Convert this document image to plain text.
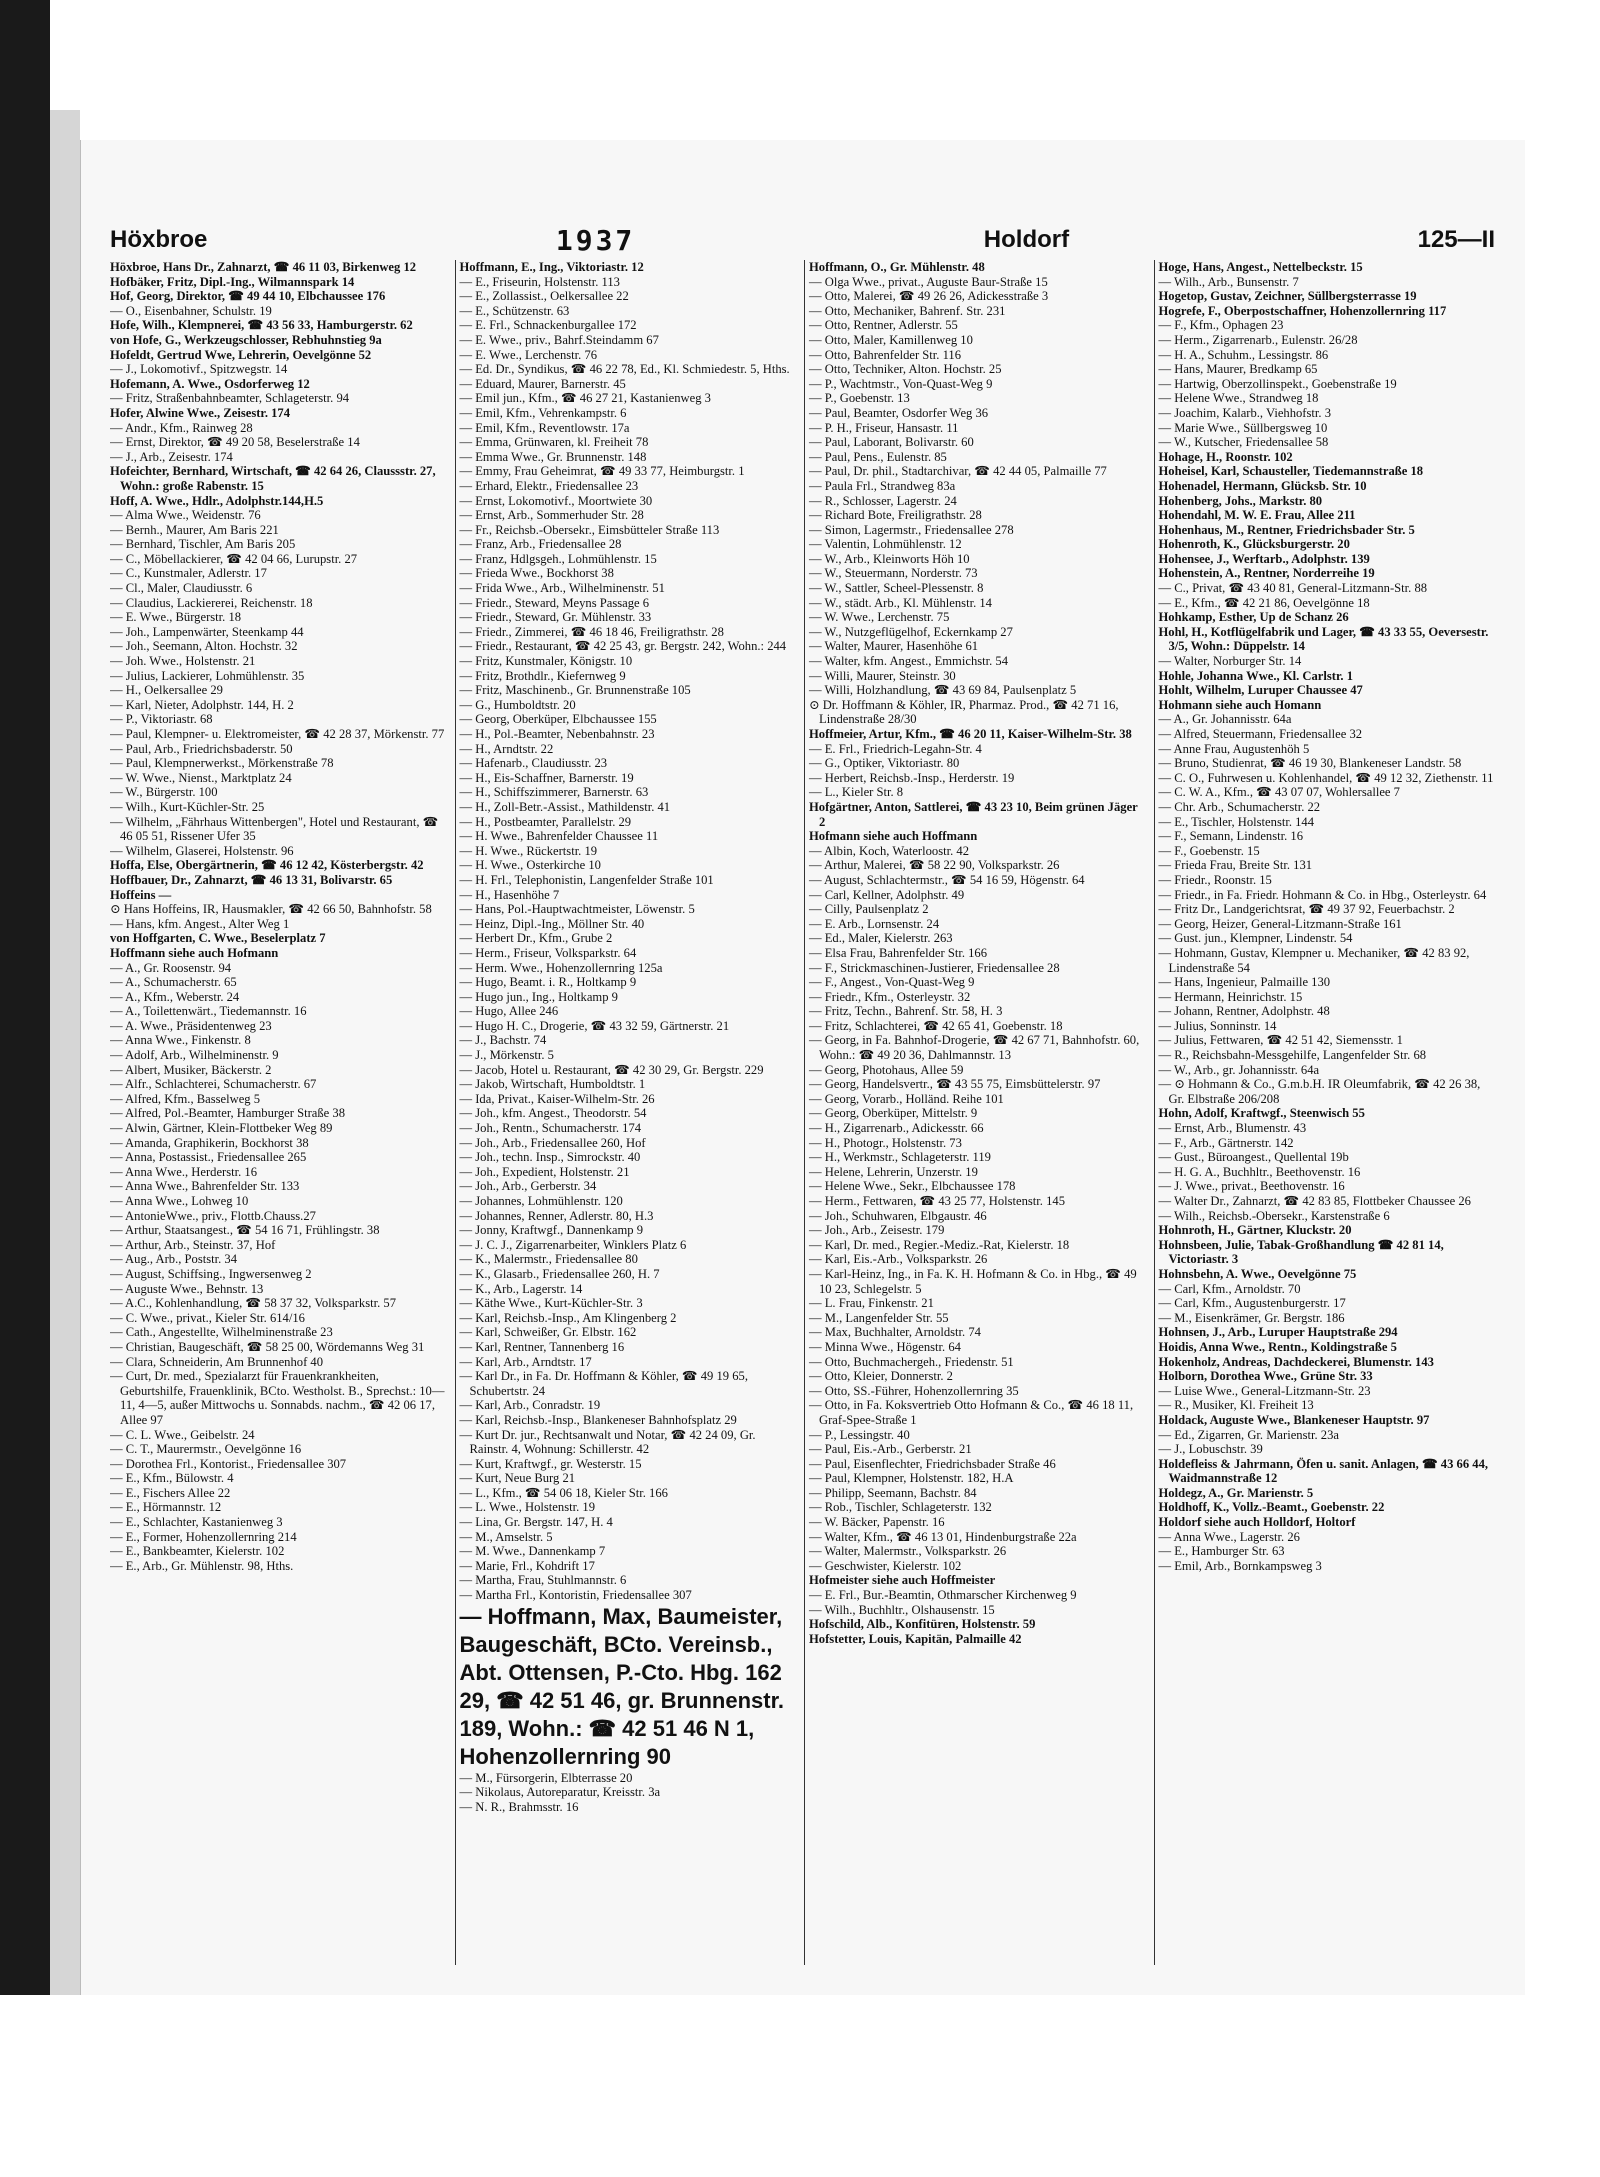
Höxbroe	1937	Holdorf	125—II

Höxbroe, Hans Dr., Zahnarzt, ☎ 46 11 03, Birkenweg 12

Hofbäker, Fritz, Dipl.-Ing., Wilmannspark 14

Hof, Georg, Direktor, ☎ 49 44 10, Elbchaussee 176

— O., Eisenbahner, Schulstr. 19

Hofe, Wilh., Klempnerei, ☎ 43 56 33, Hamburgerstr. 62

von Hofe, G., Werkzeugschlosser, Rebhuhnstieg 9a

Hofeldt, Gertrud Wwe, Lehrerin, Oevelgönne 52

— J., Lokomotivf., Spitzwegstr. 14

Hofemann, A. Wwe., Osdorferweg 12

— Fritz, Straßenbahnbeamter, Schlageterstr. 94

Hofer, Alwine Wwe., Zeisestr. 174

— Andr., Kfm., Rainweg 28

— Ernst, Direktor, ☎ 49 20 58, Beselerstraße 14

— J., Arb., Zeisestr. 174

Hofeichter, Bernhard, Wirtschaft, ☎ 42 64 26, Claussstr. 27, Wohn.: große Rabenstr. 15

Hoff, A. Wwe., Hdlr., Adolphstr.144,H.5

— Alma Wwe., Weidenstr. 76

— Bernh., Maurer, Am Baris 221

— Bernhard, Tischler, Am Baris 205

— C., Möbellackierer, ☎ 42 04 66, Lurupstr. 27

— C., Kunstmaler, Adlerstr. 17

— Cl., Maler, Claudiusstr. 6

— Claudius, Lackiererei, Reichenstr. 18

— E. Wwe., Bürgerstr. 18

— Joh., Lampenwärter, Steenkamp 44

— Joh., Seemann, Alton. Hochstr. 32

— Joh. Wwe., Holstenstr. 21

— Julius, Lackierer, Lohmühlenstr. 35

— H., Oelkersallee 29

— Karl, Nieter, Adolphstr. 144, H. 2

— P., Viktoriastr. 68

— Paul, Klempner- u. Elektromeister, ☎ 42 28 37, Mörkenstr. 77

— Paul, Arb., Friedrichsbaderstr. 50

— Paul, Klempnerwerkst., Mörkenstraße 78

— W. Wwe., Nienst., Marktplatz 24

— W., Bürgerstr. 100

— Wilh., Kurt-Küchler-Str. 25

— Wilhelm, „Fährhaus Wittenbergen", Hotel und Restaurant, ☎ 46 05 51, Rissener Ufer 35

— Wilhelm, Glaserei, Holstenstr. 96

Hoffa, Else, Obergärtnerin, ☎ 46 12 42, Kösterbergstr. 42

Hoffbauer, Dr., Zahnarzt, ☎ 46 13 31, Bolivarstr. 65

Hoffeins —

⊙ Hans Hoffeins, IR, Hausmakler, ☎ 42 66 50, Bahnhofstr. 58

— Hans, kfm. Angest., Alter Weg 1

von Hoffgarten, C. Wwe., Beselerplatz 7

Hoffmann siehe auch Hofmann

— A., Gr. Roosenstr. 94

— A., Schumacherstr. 65

— A., Kfm., Weberstr. 24

— A., Toilettenwärt., Tiedemannstr. 16

— A. Wwe., Präsidentenweg 23

— Anna Wwe., Finkenstr. 8

— Adolf, Arb., Wilhelminenstr. 9

— Albert, Musiker, Bäckerstr. 2

— Alfr., Schlachterei, Schumacherstr. 67

— Alfred, Kfm., Basselweg 5

— Alfred, Pol.-Beamter, Hamburger Straße 38

— Alwin, Gärtner, Klein-Flottbeker Weg 89

— Amanda, Graphikerin, Bockhorst 38

— Anna, Postassist., Friedensallee 265

— Anna Wwe., Herderstr. 16

— Anna Wwe., Bahrenfelder Str. 133

— Anna Wwe., Lohweg 10

— AntonieWwe., priv., Flottb.Chauss.27

— Arthur, Staatsangest., ☎ 54 16 71, Frühlingstr. 38

— Arthur, Arb., Steinstr. 37, Hof

— Aug., Arb., Poststr. 34

— August, Schiffsing., Ingwersenweg 2

— Auguste Wwe., Behnstr. 13

— A.C., Kohlenhandlung, ☎ 58 37 32, Volksparkstr. 57

— C. Wwe., privat., Kieler Str. 614/16

— Cath., Angestellte, Wilhelminenstraße 23

— Christian, Baugeschäft, ☎ 58 25 00, Wördemanns Weg 31

— Clara, Schneiderin, Am Brunnenhof 40

— Curt, Dr. med., Spezialarzt für Frauenkrankheiten, Geburtshilfe, Frauenklinik, BCto. Westholst. B., Sprechst.: 10—11, 4—5, außer Mittwochs u. Sonnabds. nachm., ☎ 42 06 17, Allee 97

— C. L. Wwe., Geibelstr. 24

— C. T., Maurermstr., Oevelgönne 16

— Dorothea Frl., Kontorist., Friedensallee 307

— E., Kfm., Bülowstr. 4

— E., Fischers Allee 22

— E., Hörmannstr. 12

— E., Schlachter, Kastanienweg 3

— E., Former, Hohenzollernring 214

— E., Bankbeamter, Kielerstr. 102

— E., Arb., Gr. Mühlenstr. 98, Hths.

Hoffmann, E., Ing., Viktoriastr. 12

— E., Friseurin, Holstenstr. 113

— E., Zollassist., Oelkersallee 22

— E., Schützenstr. 63

— E. Frl., Schnackenburgallee 172

— E. Wwe., priv., Bahrf.Steindamm 67

— E. Wwe., Lerchenstr. 76

— Ed. Dr., Syndikus, ☎ 46 22 78, Ed., Kl. Schmiedestr. 5, Hths.

— Eduard, Maurer, Barnerstr. 45

— Emil jun., Kfm., ☎ 46 27 21, Kastanienweg 3

— Emil, Kfm., Vehrenkampstr. 6

— Emil, Kfm., Reventlowstr. 17a

— Emma, Grünwaren, kl. Freiheit 78

— Emma Wwe., Gr. Brunnenstr. 148

— Emmy, Frau Geheimrat, ☎ 49 33 77, Heimburgstr. 1

— Erhard, Elektr., Friedensallee 23

— Ernst, Lokomotivf., Moortwiete 30

— Ernst, Arb., Sommerhuder Str. 28

— Fr., Reichsb.-Obersekr., Eimsbütteler Straße 113

— Franz, Arb., Friedensallee 28

— Franz, Hdlgsgeh., Lohmühlenstr. 15

— Frieda Wwe., Bockhorst 38

— Frida Wwe., Arb., Wilhelminenstr. 51

— Friedr., Steward, Meyns Passage 6

— Friedr., Steward, Gr. Mühlenstr. 33

— Friedr., Zimmerei, ☎ 46 18 46, Freiligrathstr. 28

— Friedr., Restaurant, ☎ 42 25 43, gr. Bergstr. 242, Wohn.: 244

— Fritz, Kunstmaler, Königstr. 10

— Fritz, Brothdlr., Kiefernweg 9

— Fritz, Maschinenb., Gr. Brunnenstraße 105

— G., Humboldtstr. 20

— Georg, Oberküper, Elbchaussee 155

— H., Pol.-Beamter, Nebenbahnstr. 23

— H., Arndtstr. 22

— Hafenarb., Claudiusstr. 23

— H., Eis-Schaffner, Barnerstr. 19

— H., Schiffszimmerer, Barnerstr. 63

— H., Zoll-Betr.-Assist., Mathildenstr. 41

— H., Postbeamter, Parallelstr. 29

— H. Wwe., Bahrenfelder Chaussee 11

— H. Wwe., Rückertstr. 19

— H. Wwe., Osterkirche 10

— H. Frl., Telephonistin, Langenfelder Straße 101

— H., Hasenhöhe 7

— Hans, Pol.-Hauptwachtmeister, Löwenstr. 5

— Heinz, Dipl.-Ing., Möllner Str. 40

— Herbert Dr., Kfm., Grube 2

— Herm., Friseur, Volksparkstr. 64

— Herm. Wwe., Hohenzollernring 125a

— Hugo, Beamt. i. R., Holtkamp 9

— Hugo jun., Ing., Holtkamp 9

— Hugo, Allee 246

— Hugo H. C., Drogerie, ☎ 43 32 59, Gärtnerstr. 21

— J., Bachstr. 74

— J., Mörkenstr. 5

— Jacob, Hotel u. Restaurant, ☎ 42 30 29, Gr. Bergstr. 229

— Jakob, Wirtschaft, Humboldtstr. 1

— Ida, Privat., Kaiser-Wilhelm-Str. 26

— Joh., kfm. Angest., Theodorstr. 54

— Joh., Rentn., Schumacherstr. 174

— Joh., Arb., Friedensallee 260, Hof

— Joh., techn. Insp., Simrockstr. 40

— Joh., Expedient, Holstenstr. 21

— Joh., Arb., Gerberstr. 34

— Johannes, Lohmühlenstr. 120

— Johannes, Renner, Adlerstr. 80, H.3

— Jonny, Kraftwgf., Dannenkamp 9

— J. C. J., Zigarrenarbeiter, Winklers Platz 6

— K., Malermstr., Friedensallee 80

— K., Glasarb., Friedensallee 260, H. 7

— K., Arb., Lagerstr. 14

— Käthe Wwe., Kurt-Küchler-Str. 3

— Karl, Reichsb.-Insp., Am Klingenberg 2

— Karl, Schweißer, Gr. Elbstr. 162

— Karl, Rentner, Tannenberg 16

— Karl, Arb., Arndtstr. 17

— Karl Dr., in Fa. Dr. Hoffmann & Köhler, ☎ 49 19 65, Schubertstr. 24

— Karl, Arb., Conradstr. 19

— Karl, Reichsb.-Insp., Blankeneser Bahnhofsplatz 29

— Kurt Dr. jur., Rechtsanwalt und Notar, ☎ 42 24 09, Gr. Rainstr. 4, Wohnung: Schillerstr. 42

— Kurt, Kraftwgf., gr. Westerstr. 15

— Kurt, Neue Burg 21

— L., Kfm., ☎ 54 06 18, Kieler Str. 166

— L. Wwe., Holstenstr. 19

— Lina, Gr. Bergstr. 147, H. 4

— M., Amselstr. 5

— M. Wwe., Dannenkamp 7

— Marie, Frl., Kohdrift 17

— Martha, Frau, Stuhlmannstr. 6

— Martha Frl., Kontoristin, Friedensallee 307

— Hoffmann, Max, Baumeister, Baugeschäft, BCto. Vereinsb., Abt. Ottensen, P.-Cto. Hbg. 162 29, ☎ 42 51 46, gr. Brunnenstr. 189, Wohn.: ☎ 42 51 46 N 1, Hohenzollernring 90

— M., Fürsorgerin, Elbterrasse 20

— Nikolaus, Autoreparatur, Kreisstr. 3a

— N. R., Brahmsstr. 16

Hoffmann, O., Gr. Mühlenstr. 48

— Olga Wwe., privat., Auguste Baur-Straße 15

— Otto, Malerei, ☎ 49 26 26, Adickesstraße 3

— Otto, Mechaniker, Bahrenf. Str. 231

— Otto, Rentner, Adlerstr. 55

— Otto, Maler, Kamillenweg 10

— Otto, Bahrenfelder Str. 116

— Otto, Techniker, Alton. Hochstr. 25

— P., Wachtmstr., Von-Quast-Weg 9

— P., Goebenstr. 13

— Paul, Beamter, Osdorfer Weg 36

— P. H., Friseur, Hansastr. 11

— Paul, Laborant, Bolivarstr. 60

— Paul, Pens., Eulenstr. 85

— Paul, Dr. phil., Stadtarchivar, ☎ 42 44 05, Palmaille 77

— Paula Frl., Strandweg 83a

— R., Schlosser, Lagerstr. 24

— Richard Bote, Freiligrathstr. 28

— Simon, Lagermstr., Friedensallee 278

— Valentin, Lohmühlenstr. 12

— W., Arb., Kleinworts Höh 10

— W., Steuermann, Norderstr. 73

— W., Sattler, Scheel-Plessenstr. 8

— W., städt. Arb., Kl. Mühlenstr. 14

— W. Wwe., Lerchenstr. 75

— W., Nutzgeflügelhof, Eckernkamp 27

— Walter, Maurer, Hasenhöhe 61

— Walter, kfm. Angest., Emmichstr. 54

— Willi, Maurer, Steinstr. 30

— Willi, Holzhandlung, ☎ 43 69 84, Paulsenplatz 5

⊙ Dr. Hoffmann & Köhler, IR, Pharmaz. Prod., ☎ 42 71 16, Lindenstraße 28/30

Hoffmeier, Artur, Kfm., ☎ 46 20 11, Kaiser-Wilhelm-Str. 38

— E. Frl., Friedrich-Legahn-Str. 4

— G., Optiker, Viktoriastr. 80

— Herbert, Reichsb.-Insp., Herderstr. 19

— L., Kieler Str. 8

Hofgärtner, Anton, Sattlerei, ☎ 43 23 10, Beim grünen Jäger 2

Hofmann siehe auch Hoffmann

— Albin, Koch, Waterloostr. 42

— Arthur, Malerei, ☎ 58 22 90, Volksparkstr. 26

— August, Schlachtermstr., ☎ 54 16 59, Högenstr. 64

— Carl, Kellner, Adolphstr. 49

— Cilly, Paulsenplatz 2

— E. Arb., Lornsenstr. 24

— Ed., Maler, Kielerstr. 263

— Elsa Frau, Bahrenfelder Str. 166

— F., Strickmaschinen-Justierer, Friedensallee 28

— F., Angest., Von-Quast-Weg 9

— Friedr., Kfm., Osterleystr. 32

— Fritz, Techn., Bahrenf. Str. 58, H. 3

— Fritz, Schlachterei, ☎ 42 65 41, Goebenstr. 18

— Georg, in Fa. Bahnhof-Drogerie, ☎ 42 67 71, Bahnhofstr. 60, Wohn.: ☎ 49 20 36, Dahlmannstr. 13

— Georg, Photohaus, Allee 59

— Georg, Handelsvertr., ☎ 43 55 75, Eimsbüttelerstr. 97

— Georg, Vorarb., Holländ. Reihe 101

— Georg, Oberküper, Mittelstr. 9

— H., Zigarrenarb., Adickesstr. 66

— H., Photogr., Holstenstr. 73

— H., Werkmstr., Schlageterstr. 119

— Helene, Lehrerin, Unzerstr. 19

— Helene Wwe., Sekr., Elbchaussee 178

— Herm., Fettwaren, ☎ 43 25 77, Holstenstr. 145

— Joh., Schuhwaren, Elbgaustr. 46

— Joh., Arb., Zeisestr. 179

— Karl, Dr. med., Regier.-Mediz.-Rat, Kielerstr. 18

— Karl, Eis.-Arb., Volksparkstr. 26

— Karl-Heinz, Ing., in Fa. K. H. Hofmann & Co. in Hbg., ☎ 49 10 23, Schlegelstr. 5

— L. Frau, Finkenstr. 21

— M., Langenfelder Str. 55

— Max, Buchhalter, Arnoldstr. 74

— Minna Wwe., Högenstr. 64

— Otto, Buchmachergeh., Friedenstr. 51

— Otto, Kleier, Donnerstr. 2

— Otto, SS.-Führer, Hohenzollernring 35

— Otto, in Fa. Koksvertrieb Otto Hofmann & Co., ☎ 46 18 11, Graf-Spee-Straße 1

— P., Lessingstr. 40

— Paul, Eis.-Arb., Gerberstr. 21

— Paul, Eisenflechter, Friedrichsbader Straße 46

— Paul, Klempner, Holstenstr. 182, H.A

— Philipp, Seemann, Bachstr. 84

— Rob., Tischler, Schlageterstr. 132

— W. Bäcker, Papenstr. 16

— Walter, Kfm., ☎ 46 13 01, Hindenburgstraße 22a

— Walter, Malermstr., Volksparkstr. 26

— Geschwister, Kielerstr. 102

Hofmeister siehe auch Hoffmeister

— E. Frl., Bur.-Beamtin, Othmarscher Kirchenweg 9

— Wilh., Buchhltr., Olshausenstr. 15

Hofschild, Alb., Konfitüren, Holstenstr. 59

Hofstetter, Louis, Kapitän, Palmaille 42

Hoge, Hans, Angest., Nettelbeckstr. 15

— Wilh., Arb., Bunsenstr. 7

Hogetop, Gustav, Zeichner, Süllbergsterrasse 19

Hogrefe, F., Oberpostschaffner, Hohenzollernring 117

— F., Kfm., Ophagen 23

— Herm., Zigarrenarb., Eulenstr. 26/28

— H. A., Schuhm., Lessingstr. 86

— Hans, Maurer, Bredkamp 65

— Hartwig, Oberzollinspekt., Goebenstraße 19

— Helene Wwe., Strandweg 18

— Joachim, Kalarb., Viehhofstr. 3

— Marie Wwe., Süllbergsweg 10

— W., Kutscher, Friedensallee 58

Hohage, H., Roonstr. 102

Hoheisel, Karl, Schausteller, Tiedemannstraße 18

Hohenadel, Hermann, Glücksb. Str. 10

Hohenberg, Johs., Markstr. 80

Hohendahl, M. W. E. Frau, Allee 211

Hohenhaus, M., Rentner, Friedrichsbader Str. 5

Hohenroth, K., Glücksburgerstr. 20

Hohensee, J., Werftarb., Adolphstr. 139

Hohenstein, A., Rentner, Norderreihe 19

— C., Privat, ☎ 43 40 81, General-Litzmann-Str. 88

— E., Kfm., ☎ 42 21 86, Oevelgönne 18

Hohkamp, Esther, Up de Schanz 26

Hohl, H., Kotflügelfabrik und Lager, ☎ 43 33 55, Oeversestr. 3/5, Wohn.: Düppelstr. 14

— Walter, Norburger Str. 14

Hohle, Johanna Wwe., Kl. Carlstr. 1

Hohlt, Wilhelm, Luruper Chaussee 47

Hohmann siehe auch Homann

— A., Gr. Johannisstr. 64a

— Alfred, Steuermann, Friedensallee 32

— Anne Frau, Augustenhöh 5

— Bruno, Studienrat, ☎ 46 19 30, Blankeneser Landstr. 58

— C. O., Fuhrwesen u. Kohlenhandel, ☎ 49 12 32, Ziethenstr. 11

— C. W. A., Kfm., ☎ 43 07 07, Wohlersallee 7

— Chr. Arb., Schumacherstr. 22

— E., Tischler, Holstenstr. 144

— F., Semann, Lindenstr. 16

— F., Goebenstr. 15

— Frieda Frau, Breite Str. 131

— Friedr., Roonstr. 15

— Friedr., in Fa. Friedr. Hohmann & Co. in Hbg., Osterleystr. 64

— Fritz Dr., Landgerichtsrat, ☎ 49 37 92, Feuerbachstr. 2

— Georg, Heizer, General-Litzmann-Straße 161

— Gust. jun., Klempner, Lindenstr. 54

— Hohmann, Gustav, Klempner u. Mechaniker, ☎ 42 83 92, Lindenstraße 54

— Hans, Ingenieur, Palmaille 130

— Hermann, Heinrichstr. 15

— Johann, Rentner, Adolphstr. 48

— Julius, Sonninstr. 14

— Julius, Fettwaren, ☎ 42 51 42, Siemensstr. 1

— R., Reichsbahn-Messgehilfe, Langenfelder Str. 68

— W., Arb., gr. Johannisstr. 64a

— ⊙ Hohmann & Co., G.m.b.H. IR Oleumfabrik, ☎ 42 26 38, Gr. Elbstraße 206/208

Hohn, Adolf, Kraftwgf., Steenwisch 55

— Ernst, Arb., Blumenstr. 43

— F., Arb., Gärtnerstr. 142

— Gust., Büroangest., Quellental 19b

— H. G. A., Buchhltr., Beethovenstr. 16

— J. Wwe., privat., Beethovenstr. 16

— Walter Dr., Zahnarzt, ☎ 42 83 85, Flottbeker Chaussee 26

— Wilh., Reichsb.-Obersekr., Karstenstraße 6

Hohnroth, H., Gärtner, Kluckstr. 20

Hohnsbeen, Julie, Tabak-Großhandlung ☎ 42 81 14, Victoriastr. 3

Hohnsbehn, A. Wwe., Oevelgönne 75

— Carl, Kfm., Arnoldstr. 70

— Carl, Kfm., Augustenburgerstr. 17

— M., Eisenkrämer, Gr. Bergstr. 186

Hohnsen, J., Arb., Luruper Hauptstraße 294

Hoidis, Anna Wwe., Rentn., Koldingstraße 5

Hokenholz, Andreas, Dachdeckerei, Blumenstr. 143

Holborn, Dorothea Wwe., Grüne Str. 33

— Luise Wwe., General-Litzmann-Str. 23

— R., Musiker, Kl. Freiheit 13

Holdack, Auguste Wwe., Blankeneser Hauptstr. 97

— Ed., Zigarren, Gr. Marienstr. 23a

— J., Lobuschstr. 39

Holdefleiss & Jahrmann, Öfen u. sanit. Anlagen, ☎ 43 66 44, Waidmannstraße 12

Holdegz, A., Gr. Marienstr. 5

Holdhoff, K., Vollz.-Beamt., Goebenstr. 22

Holdorf siehe auch Holldorf, Holtorf

— Anna Wwe., Lagerstr. 26

— E., Hamburger Str. 63

— Emil, Arb., Bornkampsweg 3
